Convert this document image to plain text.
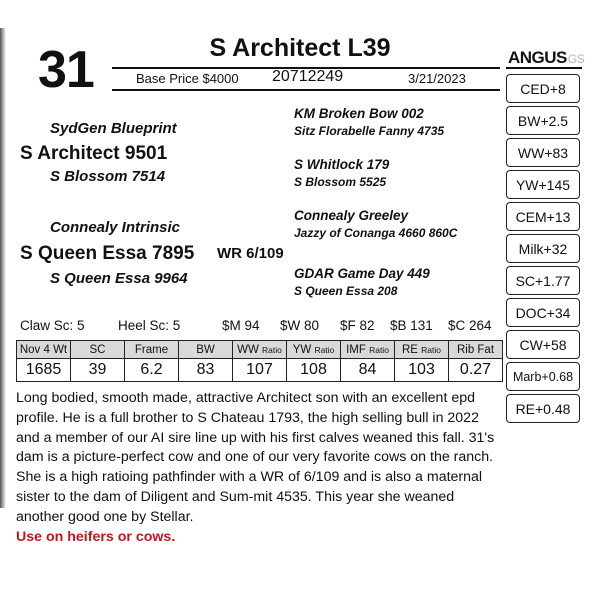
31	S Architect L39
Base Price $4000 20712249	3/21/2023
ANGUSGS
CED+8
BW+2.5
WW+83
YW+145
CEM+13
Milk+32
SC+1.77
DOC+34
CW+58
Marb+0.68
RE+0.48
SydGen Blueprint
S Architect 9501
S Blossom 7514
Connealy Intrinsic
S Queen Essa 7895 WR 6/109
S Queen Essa 9964
KM Broken Bow 002
Sitz Florabelle Fanny 4735
S Whitlock 179
S Blossom 5525
Connealy Greeley
Jazzy of Conanga 4660 860C
GDAR Game Day 449
S Queen Essa 208
Claw Sc: 5 Heel Sc: 5	$M 94 $W 80 $F 82 $B 131 $C 264
Nov 4 Wt	SC	Frame	BW	WW Ratio	YW Ratio	IMF Ratio	RE Ratio	Rib Fat
1685	39	6.2	83	107	108	84	103	0.27
Long bodied, smooth made, attractive Architect son with an excellent epd profile. He is a full brother to S Chateau 1793, the high selling bull in 2022 and a member of our AI sire line up with his first calves weaned this fall. 31's dam is a picture-perfect cow and one of our very favorite cows on the ranch. She is a high ratioing pathfinder with a WR of 6/109 and is also a maternal sister to the dam of Diligent and Sum-mit 4535. This year she weaned another good one by Stellar.
Use on heifers or cows.
